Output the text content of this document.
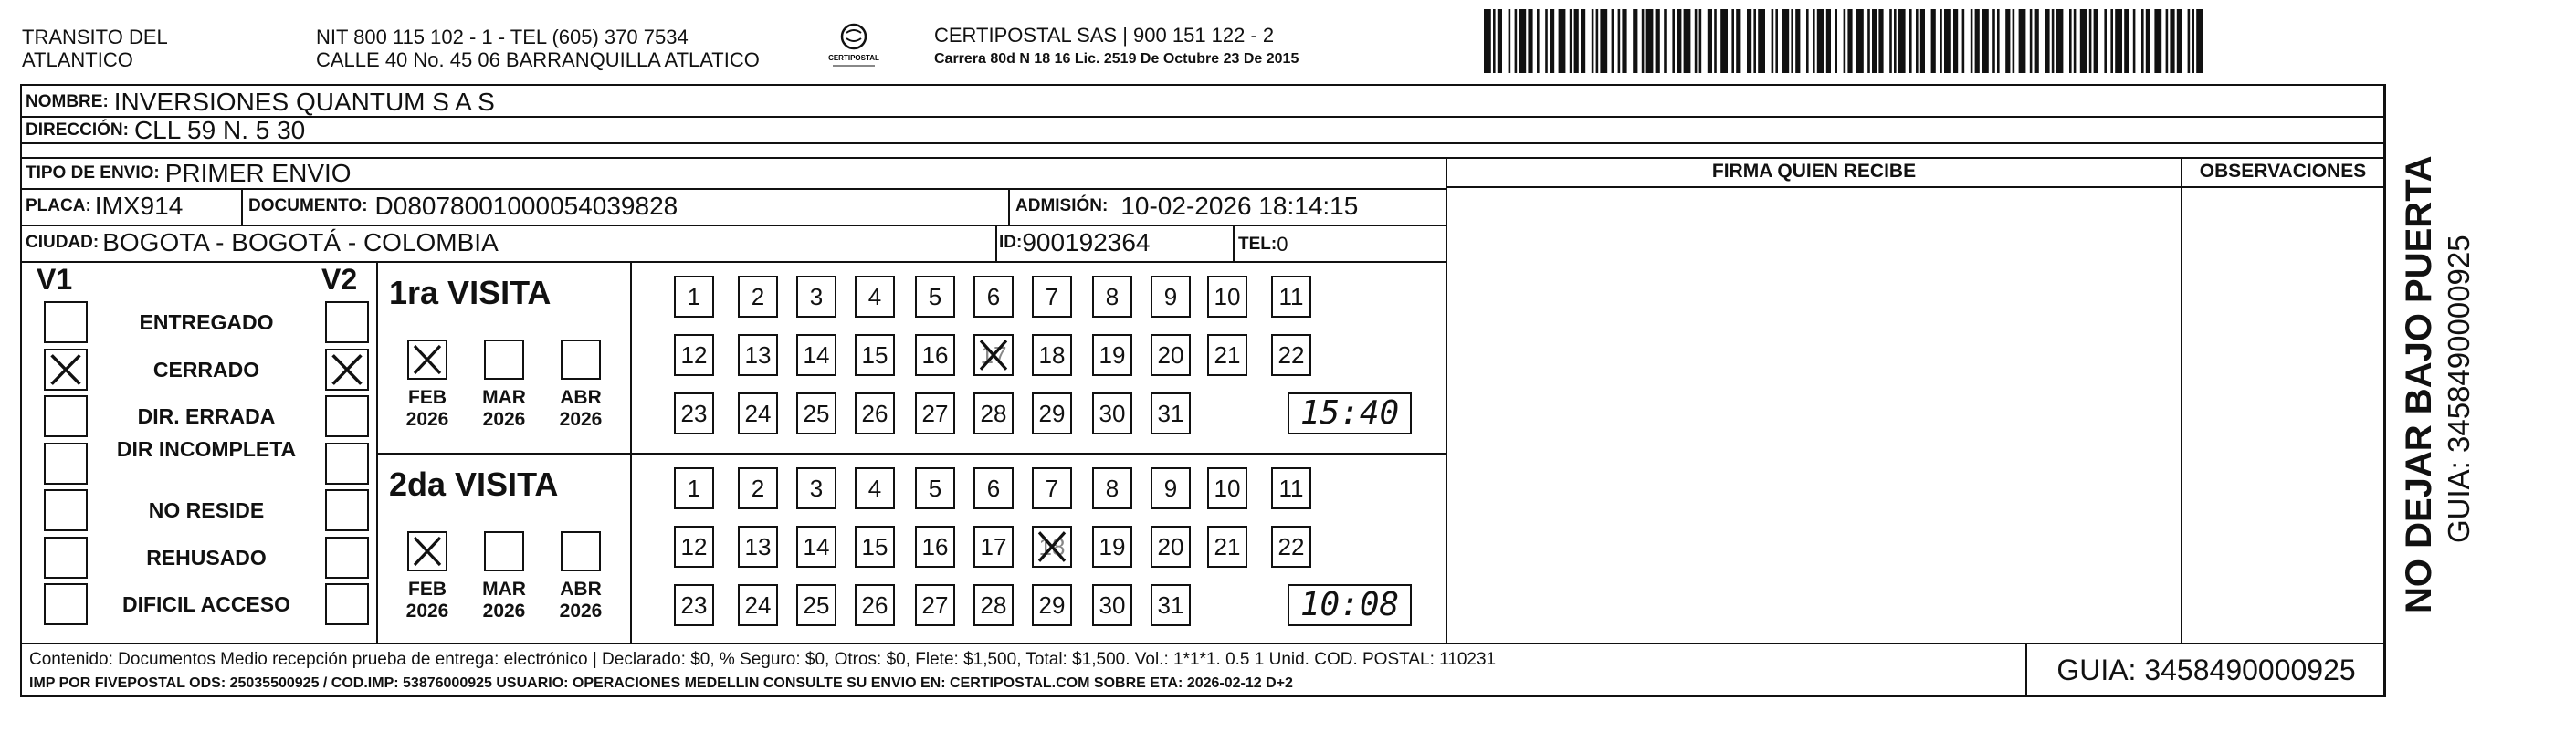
TRANSITO DEL
ATLANTICO
NIT 800 115 102 - 1 - TEL (605) 370 7534
CALLE 40 No. 45 06 BARRANQUILLA ATLATICO	CERTIPOSTAL
CERTIPOSTAL SAS | 900 151 122 - 2
Carrera 80d N 18 16 Lic. 2519 De Octubre 23 De 2015
NOMBRE: INVERSIONES QUANTUM S A S
DIRECCIÓN: CLL 59 N. 5 30
TIPO DE ENVIO: PRIMER ENVIO
PLACA: IMX914	DOCUMENTO: D08078001000054039828	ADMISIÓN: 10-02-2026 18:14:15
CIUDAD: BOGOTA - BOGOTÁ - COLOMBIA	ID: 900192364	TEL: 0
FIRMA QUIEN RECIBE	OBSERVACIONES
V1	V2
ENTREGADO
CERRADO
DIR. ERRADA
DIR INCOMPLETA
NO RESIDE
REHUSADO
DIFICIL ACCESO
1ra VISITA
FEB
2026
MAR
2026
ABR
2026
1	2	3	4	5	6	7	8	9	10	11
12 13 14 15 16 17 18 19 20 21 22
23 24 25 26 27 28 29 30 31	15:40
2da VISITA
FEB
2026
MAR
2026
ABR
2026
1	2	3	4	5	6	7	8	9	10	11
12 13 14 15 16 17 18 19 20 21 22
23 24 25 26 27 28 29 30 31	10:08
Contenido: Documentos Medio recepción prueba de entrega: electrónico | Declarado: $0, % Seguro: $0, Otros: $0, Flete: $1,500, Total: $1,500. Vol.: 1*1*1. 0.5 1 Unid. COD. POSTAL: 110231
IMP POR FIVEPOSTAL ODS: 25035500925 / COD.IMP: 53876000925 USUARIO: OPERACIONES MEDELLIN CONSULTE SU ENVIO EN: CERTIPOSTAL.COM SOBRE ETA: 2026-02-12 D+2	GUIA: 3458490000925
NO DEJAR BAJO PUERTA GUIA: 3458490000925
